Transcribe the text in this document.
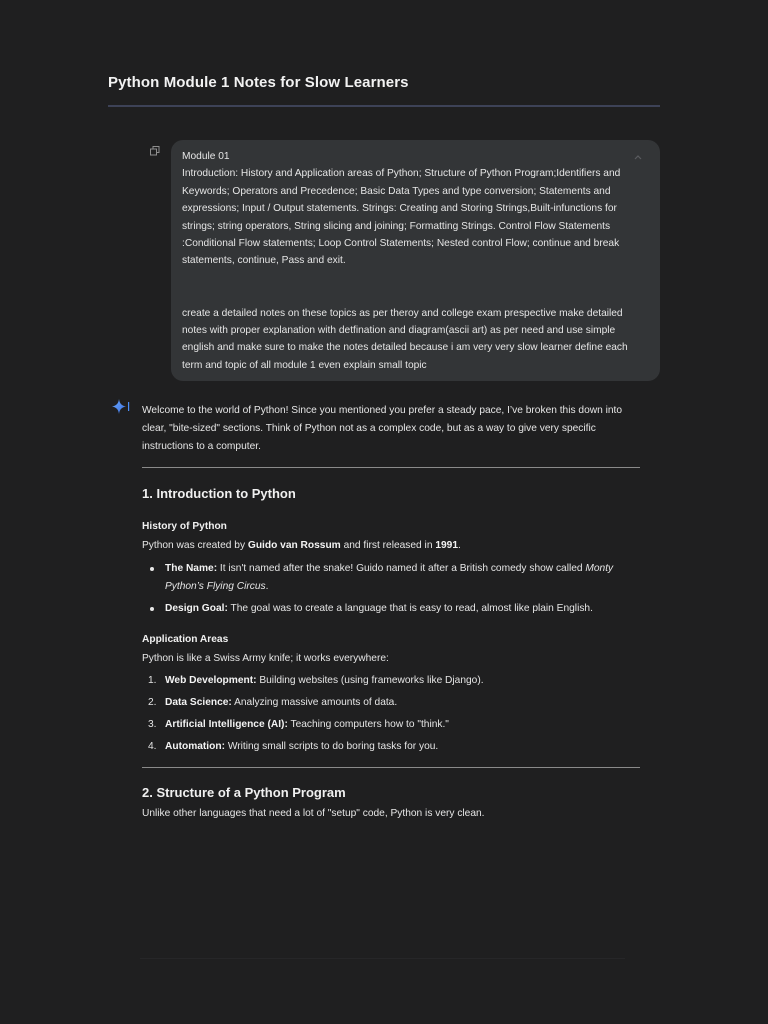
Python Module 1 Notes for Slow Learners

Module 01

Introduction: History and Application areas of Python; Structure of Python Program;Identifiers and Keywords; Operators and Precedence; Basic Data Types and type conversion; Statements and expressions; Input / Output statements. Strings: Creating and Storing Strings,Built-infunctions for strings; string operators, String slicing and joining; Formatting Strings. Control Flow Statements :Conditional Flow statements; Loop Control Statements; Nested control Flow; continue and break statements, continue, Pass and exit.

create a detailed notes on these topics as per theroy and college exam prespective make detailed notes with proper explanation with detfination and diagram(ascii art) as per need and use simple english and make sure to make the notes detailed because i am very very slow learner define each term and topic of all module 1 even explain small topic

Welcome to the world of Python! Since you mentioned you prefer a steady pace, I’ve broken this down into clear, "bite-sized" sections. Think of Python not as a complex code, but as a way to give very specific instructions to a computer.

1. Introduction to Python

History of Python

Python was created by Guido van Rossum and first released in 1991.

The Name: It isn't named after the snake! Guido named it after a British comedy show called Monty Python’s Flying Circus.
Design Goal: The goal was to create a language that is easy to read, almost like plain English.

Application Areas

Python is like a Swiss Army knife; it works everywhere:

1. Web Development: Building websites (using frameworks like Django).
2. Data Science: Analyzing massive amounts of data.
3. Artificial Intelligence (AI): Teaching computers how to "think."
4. Automation: Writing small scripts to do boring tasks for you.

2. Structure of a Python Program

Unlike other languages that need a lot of "setup" code, Python is very clean.
